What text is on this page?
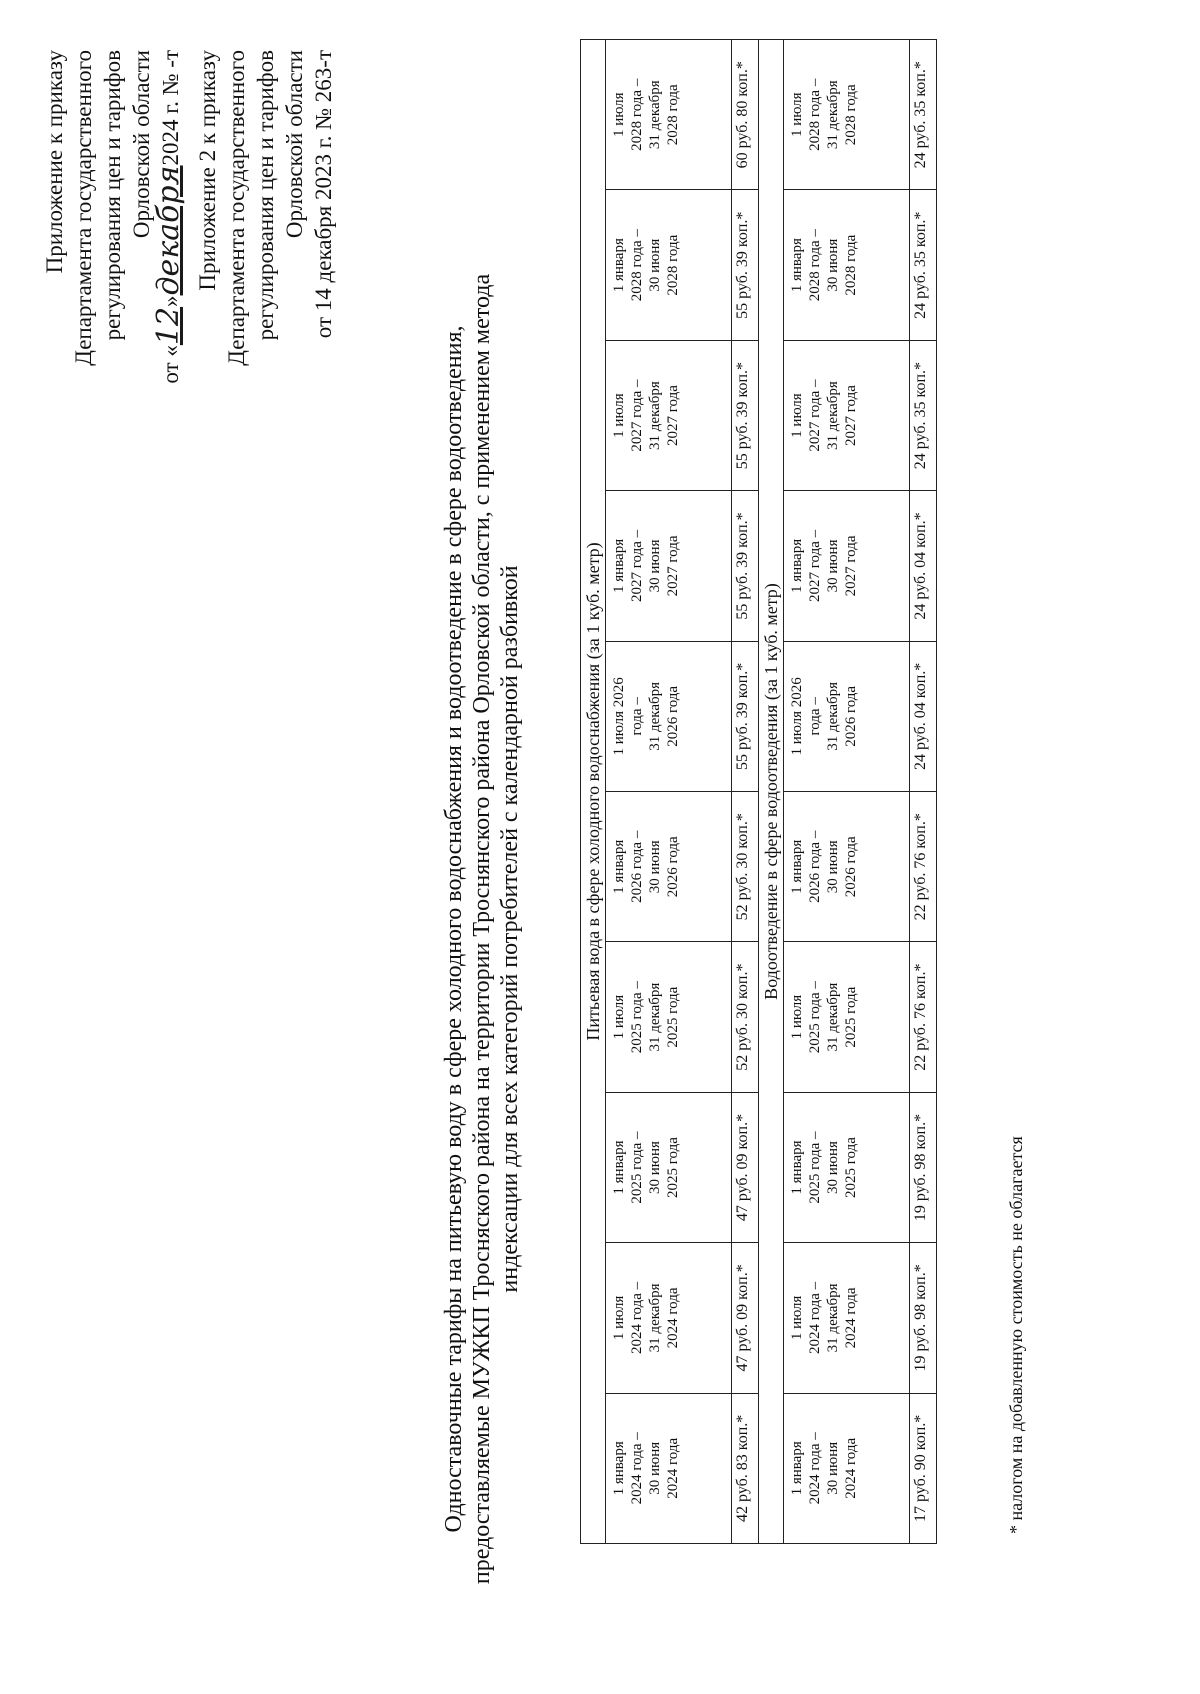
Приложение к приказу Департамента государственного регулирования цен и тарифов Орловской области
от «12»декабря2024 г. № -т Приложение 2 к приказу Департамента государственного регулирования цен и тарифов Орловской области от 14 декабря 2023 г. № 263-т
Одноставочные тарифы на питьевую воду в сфере холодного водоснабжения и водоотведение в сфере водоотведения, предоставляемые МУЖКП Тросняского района на территории Троснянского района Орловской области, с применением метода индексации для всех категорий потребителей с календарной разбивкой	Питьевая вода в сфере холодного водоснабжения (за 1 куб. метр)									

1 января 2024 года – 30 июня 2024 года	1 июля 2024 года – 31 декабря 2024 года	1 января 2025 года – 30 июня 2025 года	1 июля 2025 года – 31 декабря 2025 года	1 января 2026 года – 30 июня 2026 года	1 июля 2026 года – 31 декабря 2026 года	1 января 2027 года – 30 июня 2027 года	1 июля 2027 года – 31 декабря 2027 года	1 января 2028 года – 30 июня 2028 года	1 июля 2028 года – 31 декабря 2028 года

42 руб. 83 коп.*	47 руб. 09 коп.*	47 руб. 09 коп.*	52 руб. 30 коп.*	52 руб. 30 коп.*	55 руб. 39 коп.*	55 руб. 39 коп.*	55 руб. 39 коп.*	55 руб. 39 коп.*	60 руб. 80 коп.*
Водоотведение в сфере водоотведения (за 1 куб. метр)									

1 января 2024 года – 30 июня 2024 года	1 июля 2024 года – 31 декабря 2024 года	1 января 2025 года – 30 июня 2025 года	1 июля 2025 года – 31 декабря 2025 года	1 января 2026 года – 30 июня 2026 года	1 июля 2026 года – 31 декабря 2026 года	1 января 2027 года – 30 июня 2027 года	1 июля 2027 года – 31 декабря 2027 года	1 января 2028 года – 30 июня 2028 года	1 июля 2028 года – 31 декабря 2028 года

17 руб. 90 коп.*	19 руб. 98 коп.*	19 руб. 98 коп.*	22 руб. 76 коп.*	22 руб. 76 коп.*	24 руб. 04 коп.*	24 руб. 04 коп.*	24 руб. 35 коп.*	24 руб. 35 коп.*	24 руб. 35 коп.*
* налогом на добавленную стоимость не облагается
